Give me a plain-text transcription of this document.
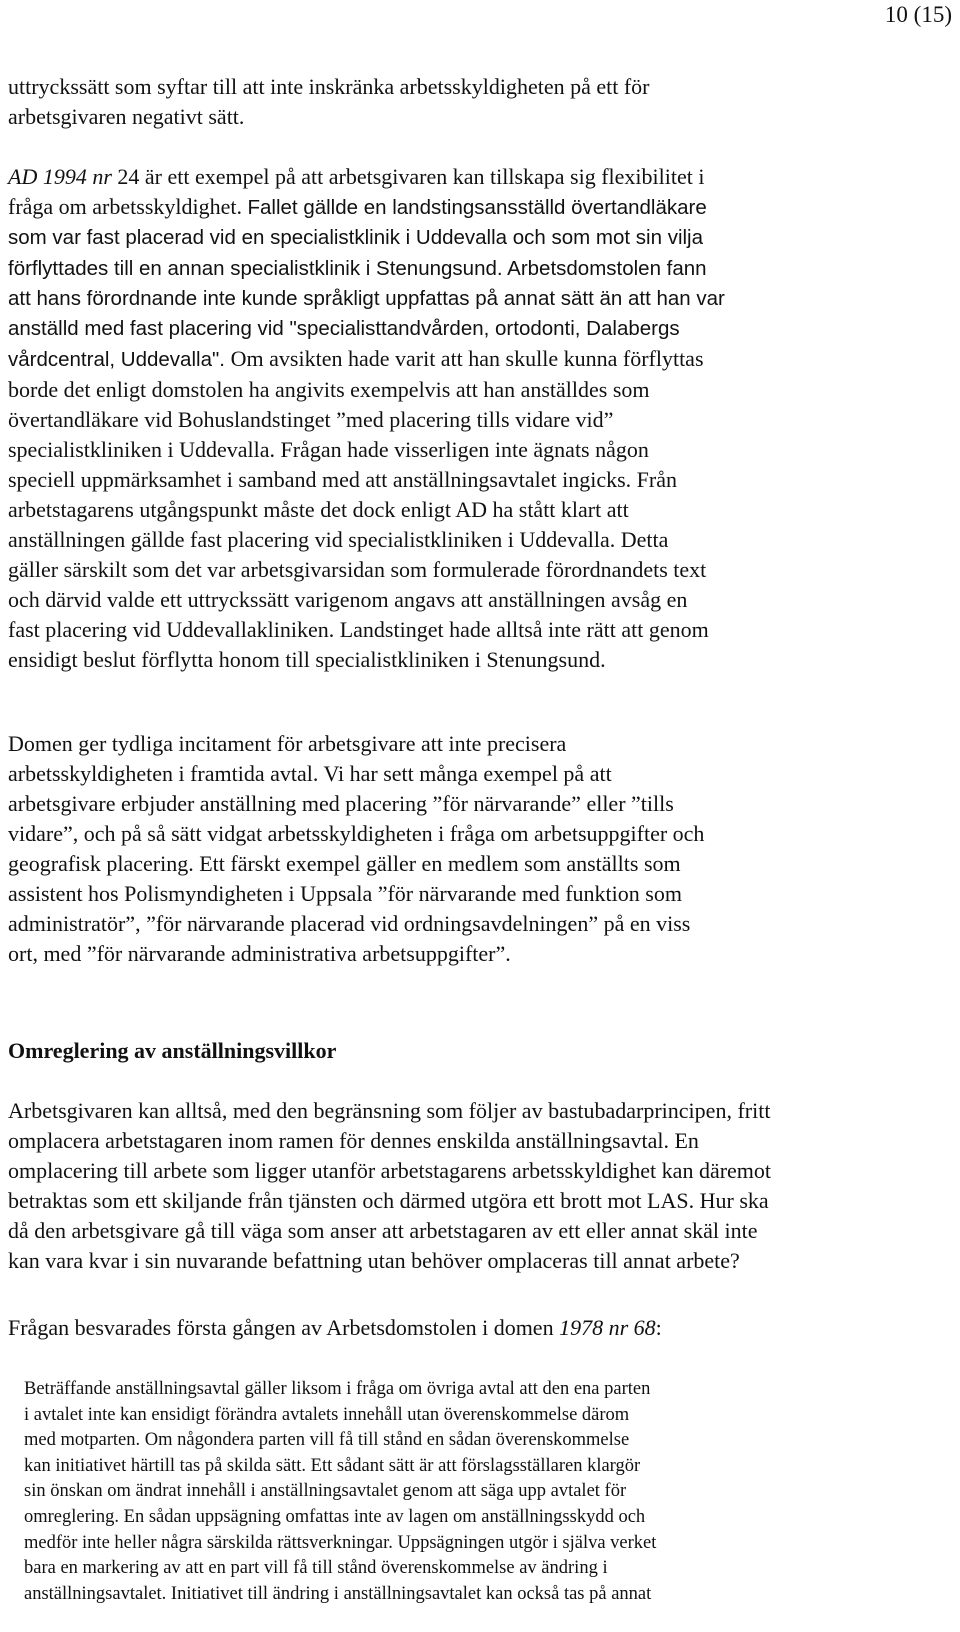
10 (15)
uttryckssätt som syftar till att inte inskränka arbetsskyldigheten på ett för
arbetsgivaren negativt sätt.
AD 1994 nr 24 är ett exempel på att arbetsgivaren kan tillskapa sig flexibilitet i
fråga om arbetsskyldighet. Fallet gällde en landstingsansställd övertandläkare
som var fast placerad vid en specialistklinik i Uddevalla och som mot sin vilja
förflyttades till en annan specialistklinik i Stenungsund. Arbetsdomstolen fann
att hans förordnande inte kunde språkligt uppfattas på annat sätt än att han var
anställd med fast placering vid "specialisttandvården, ortodonti, Dalabergs
vårdcentral, Uddevalla". Om avsikten hade varit att han skulle kunna förflyttas
borde det enligt domstolen ha angivits exempelvis att han anställdes som
övertandläkare vid Bohuslandstinget ”med placering tills vidare vid”
specialistkliniken i Uddevalla. Frågan hade visserligen inte ägnats någon
speciell uppmärksamhet i samband med att anställningsavtalet ingicks. Från
arbetstagarens utgångspunkt måste det dock enligt AD ha stått klart att
anställningen gällde fast placering vid specialistkliniken i Uddevalla. Detta
gäller särskilt som det var arbetsgivarsidan som formulerade förordnandets text
och därvid valde ett uttryckssätt varigenom angavs att anställningen avsåg en
fast placering vid Uddevallakliniken. Landstinget hade alltså inte rätt att genom
ensidigt beslut förflytta honom till specialistkliniken i Stenungsund.
Domen ger tydliga incitament för arbetsgivare att inte precisera
arbetsskyldigheten i framtida avtal. Vi har sett många exempel på att
arbetsgivare erbjuder anställning med placering ”för närvarande” eller ”tills
vidare”, och på så sätt vidgat arbetsskyldigheten i fråga om arbetsuppgifter och
geografisk placering. Ett färskt exempel gäller en medlem som anställts som
assistent hos Polismyndigheten i Uppsala ”för närvarande med funktion som
administratör”, ”för närvarande placerad vid ordningsavdelningen” på en viss
ort, med ”för närvarande administrativa arbetsuppgifter”.
Omreglering av anställningsvillkor
Arbetsgivaren kan alltså, med den begränsning som följer av bastubadarprincipen, fritt
omplacera arbetstagaren inom ramen för dennes enskilda anställningsavtal. En
omplacering till arbete som ligger utanför arbetstagarens arbetsskyldighet kan däremot
betraktas som ett skiljande från tjänsten och därmed utgöra ett brott mot LAS. Hur ska
då den arbetsgivare gå till väga som anser att arbetstagaren av ett eller annat skäl inte
kan vara kvar i sin nuvarande befattning utan behöver omplaceras till annat arbete?
Frågan besvarades första gången av Arbetsdomstolen i domen 1978 nr 68:
Beträffande anställningsavtal gäller liksom i fråga om övriga avtal att den ena parten
i avtalet inte kan ensidigt förändra avtalets innehåll utan överenskommelse därom
med motparten. Om någondera parten vill få till stånd en sådan överenskommelse
kan initiativet härtill tas på skilda sätt. Ett sådant sätt är att förslagsställaren klargör
sin önskan om ändrat innehåll i anställningsavtalet genom att säga upp avtalet för
omreglering. En sådan uppsägning omfattas inte av lagen om anställningsskydd och
medför inte heller några särskilda rättsverkningar. Uppsägningen utgör i själva verket
bara en markering av att en part vill få till stånd överenskommelse av ändring i
anställningsavtalet. Initiativet till ändring i anställningsavtalet kan också tas på annat
